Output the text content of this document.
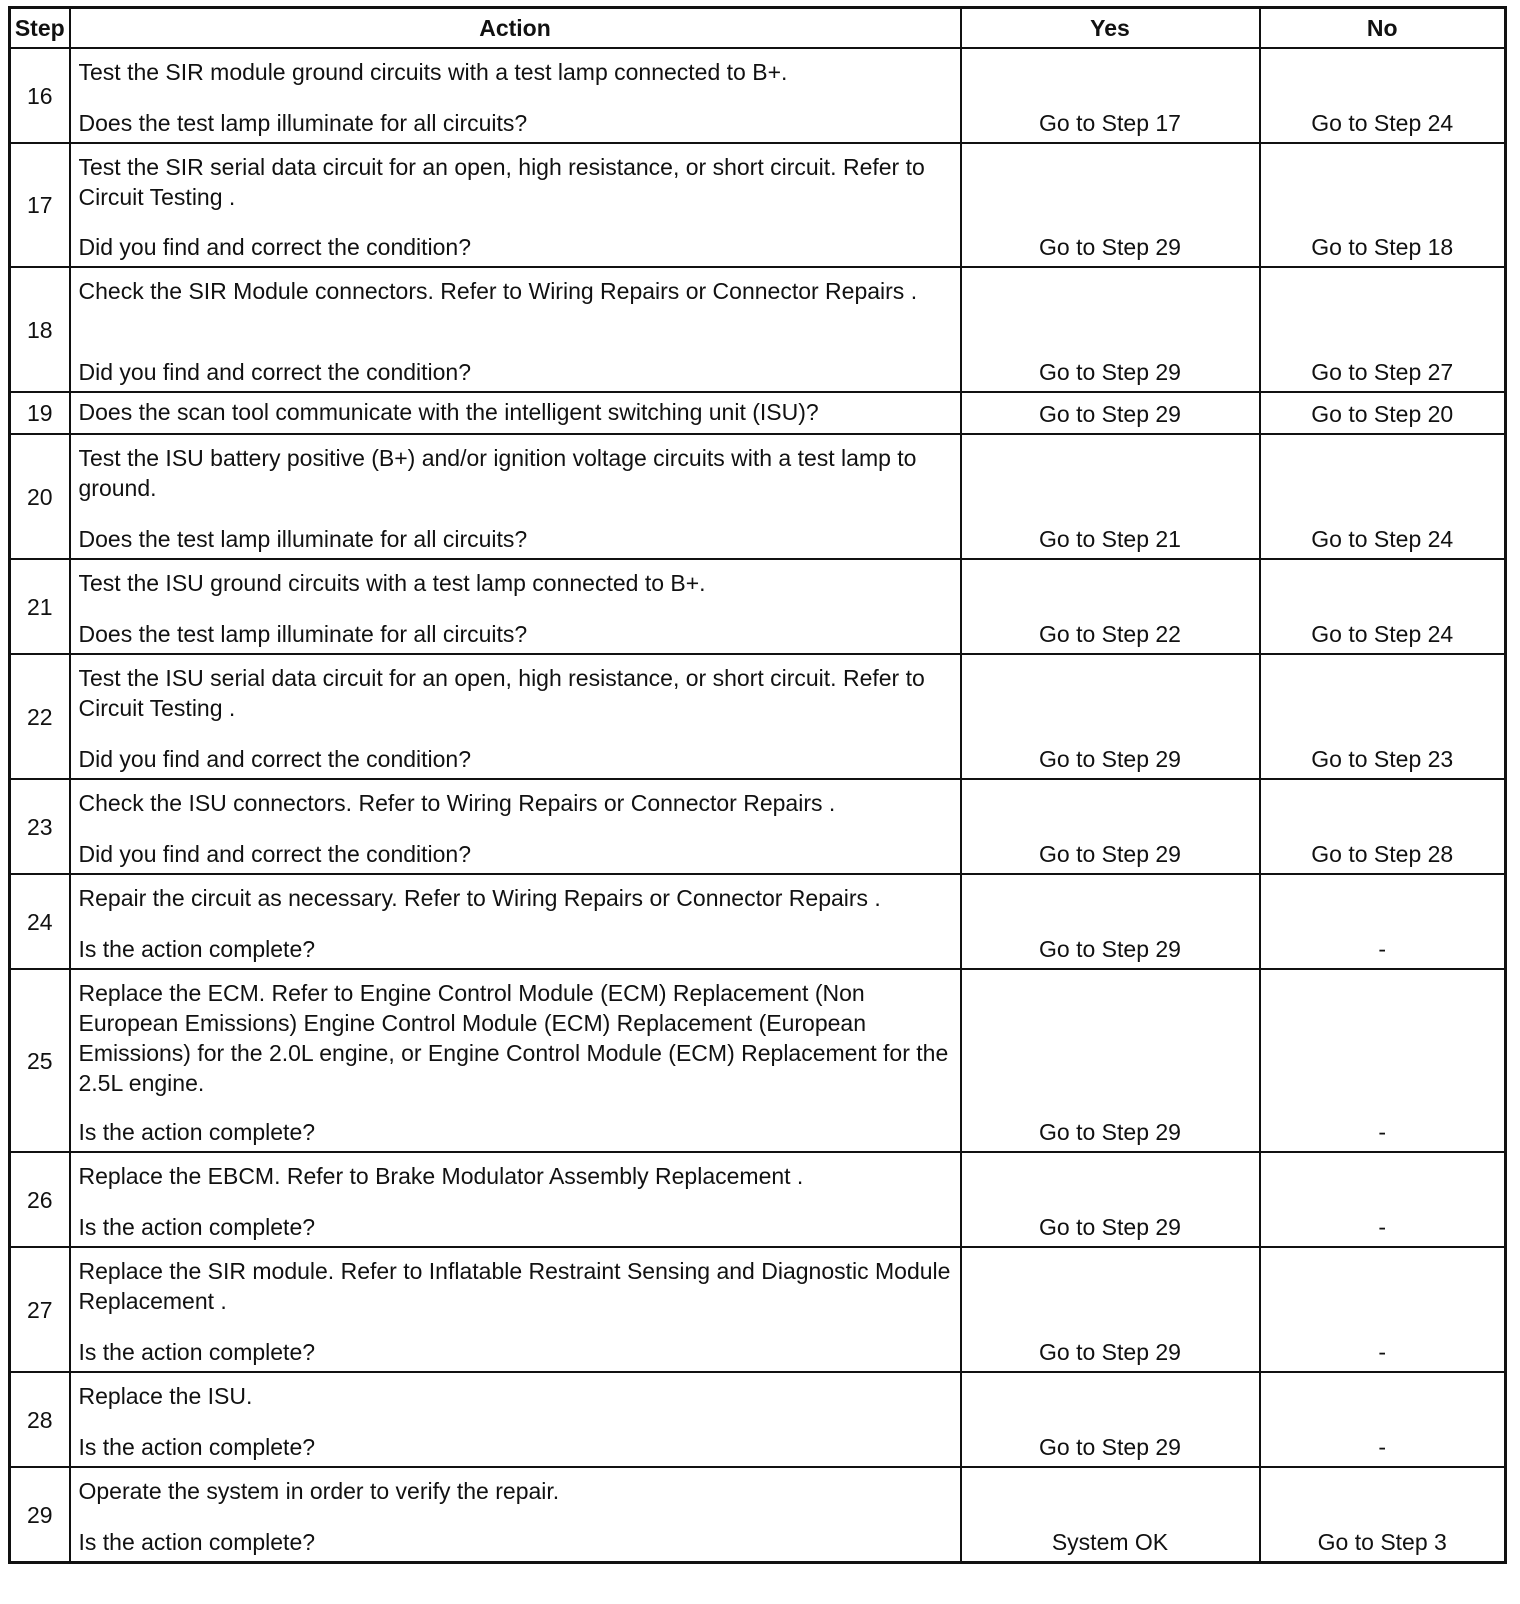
Step	Action	Yes	No
16	Test the SIR module ground circuits with a test lamp connected to B+.
Does the test lamp illuminate for all circuits?	Go to Step 17	Go to Step 24

17	Test the SIR serial data circuit for an open, high resistance, or short circuit. Refer to Circuit Testing .
Did you find and correct the condition?	Go to Step 29	Go to Step 18

18	Check the SIR Module connectors. Refer to Wiring Repairs or Connector Repairs .
Did you find and correct the condition?	Go to Step 29	Go to Step 27

19	Does the scan tool communicate with the intelligent switching unit (ISU)?	Go to Step 29	Go to Step 20

20	Test the ISU battery positive (B+) and/or ignition voltage circuits with a test lamp to ground.
Does the test lamp illuminate for all circuits?	Go to Step 21	Go to Step 24

21	Test the ISU ground circuits with a test lamp connected to B+.
Does the test lamp illuminate for all circuits?	Go to Step 22	Go to Step 24

22	Test the ISU serial data circuit for an open, high resistance, or short circuit. Refer to Circuit Testing .
Did you find and correct the condition?	Go to Step 29	Go to Step 23

23	Check the ISU connectors. Refer to Wiring Repairs or Connector Repairs .
Did you find and correct the condition?	Go to Step 29	Go to Step 28

24	Repair the circuit as necessary. Refer to Wiring Repairs or Connector Repairs .
Is the action complete?	Go to Step 29	-

25	Replace the ECM. Refer to Engine Control Module (ECM) Replacement (Non European Emissions) Engine Control Module (ECM) Replacement (European Emissions) for the 2.0L engine, or Engine Control Module (ECM) Replacement for the 2.5L engine.
Is the action complete?	Go to Step 29	-

26	Replace the EBCM. Refer to Brake Modulator Assembly Replacement .
Is the action complete?	Go to Step 29	-

27	Replace the SIR module. Refer to Inflatable Restraint Sensing and Diagnostic Module Replacement .
Is the action complete?	Go to Step 29	-

28	Replace the ISU.
Is the action complete?	Go to Step 29	-

29	Operate the system in order to verify the repair.
Is the action complete?	System OK	Go to Step 3
